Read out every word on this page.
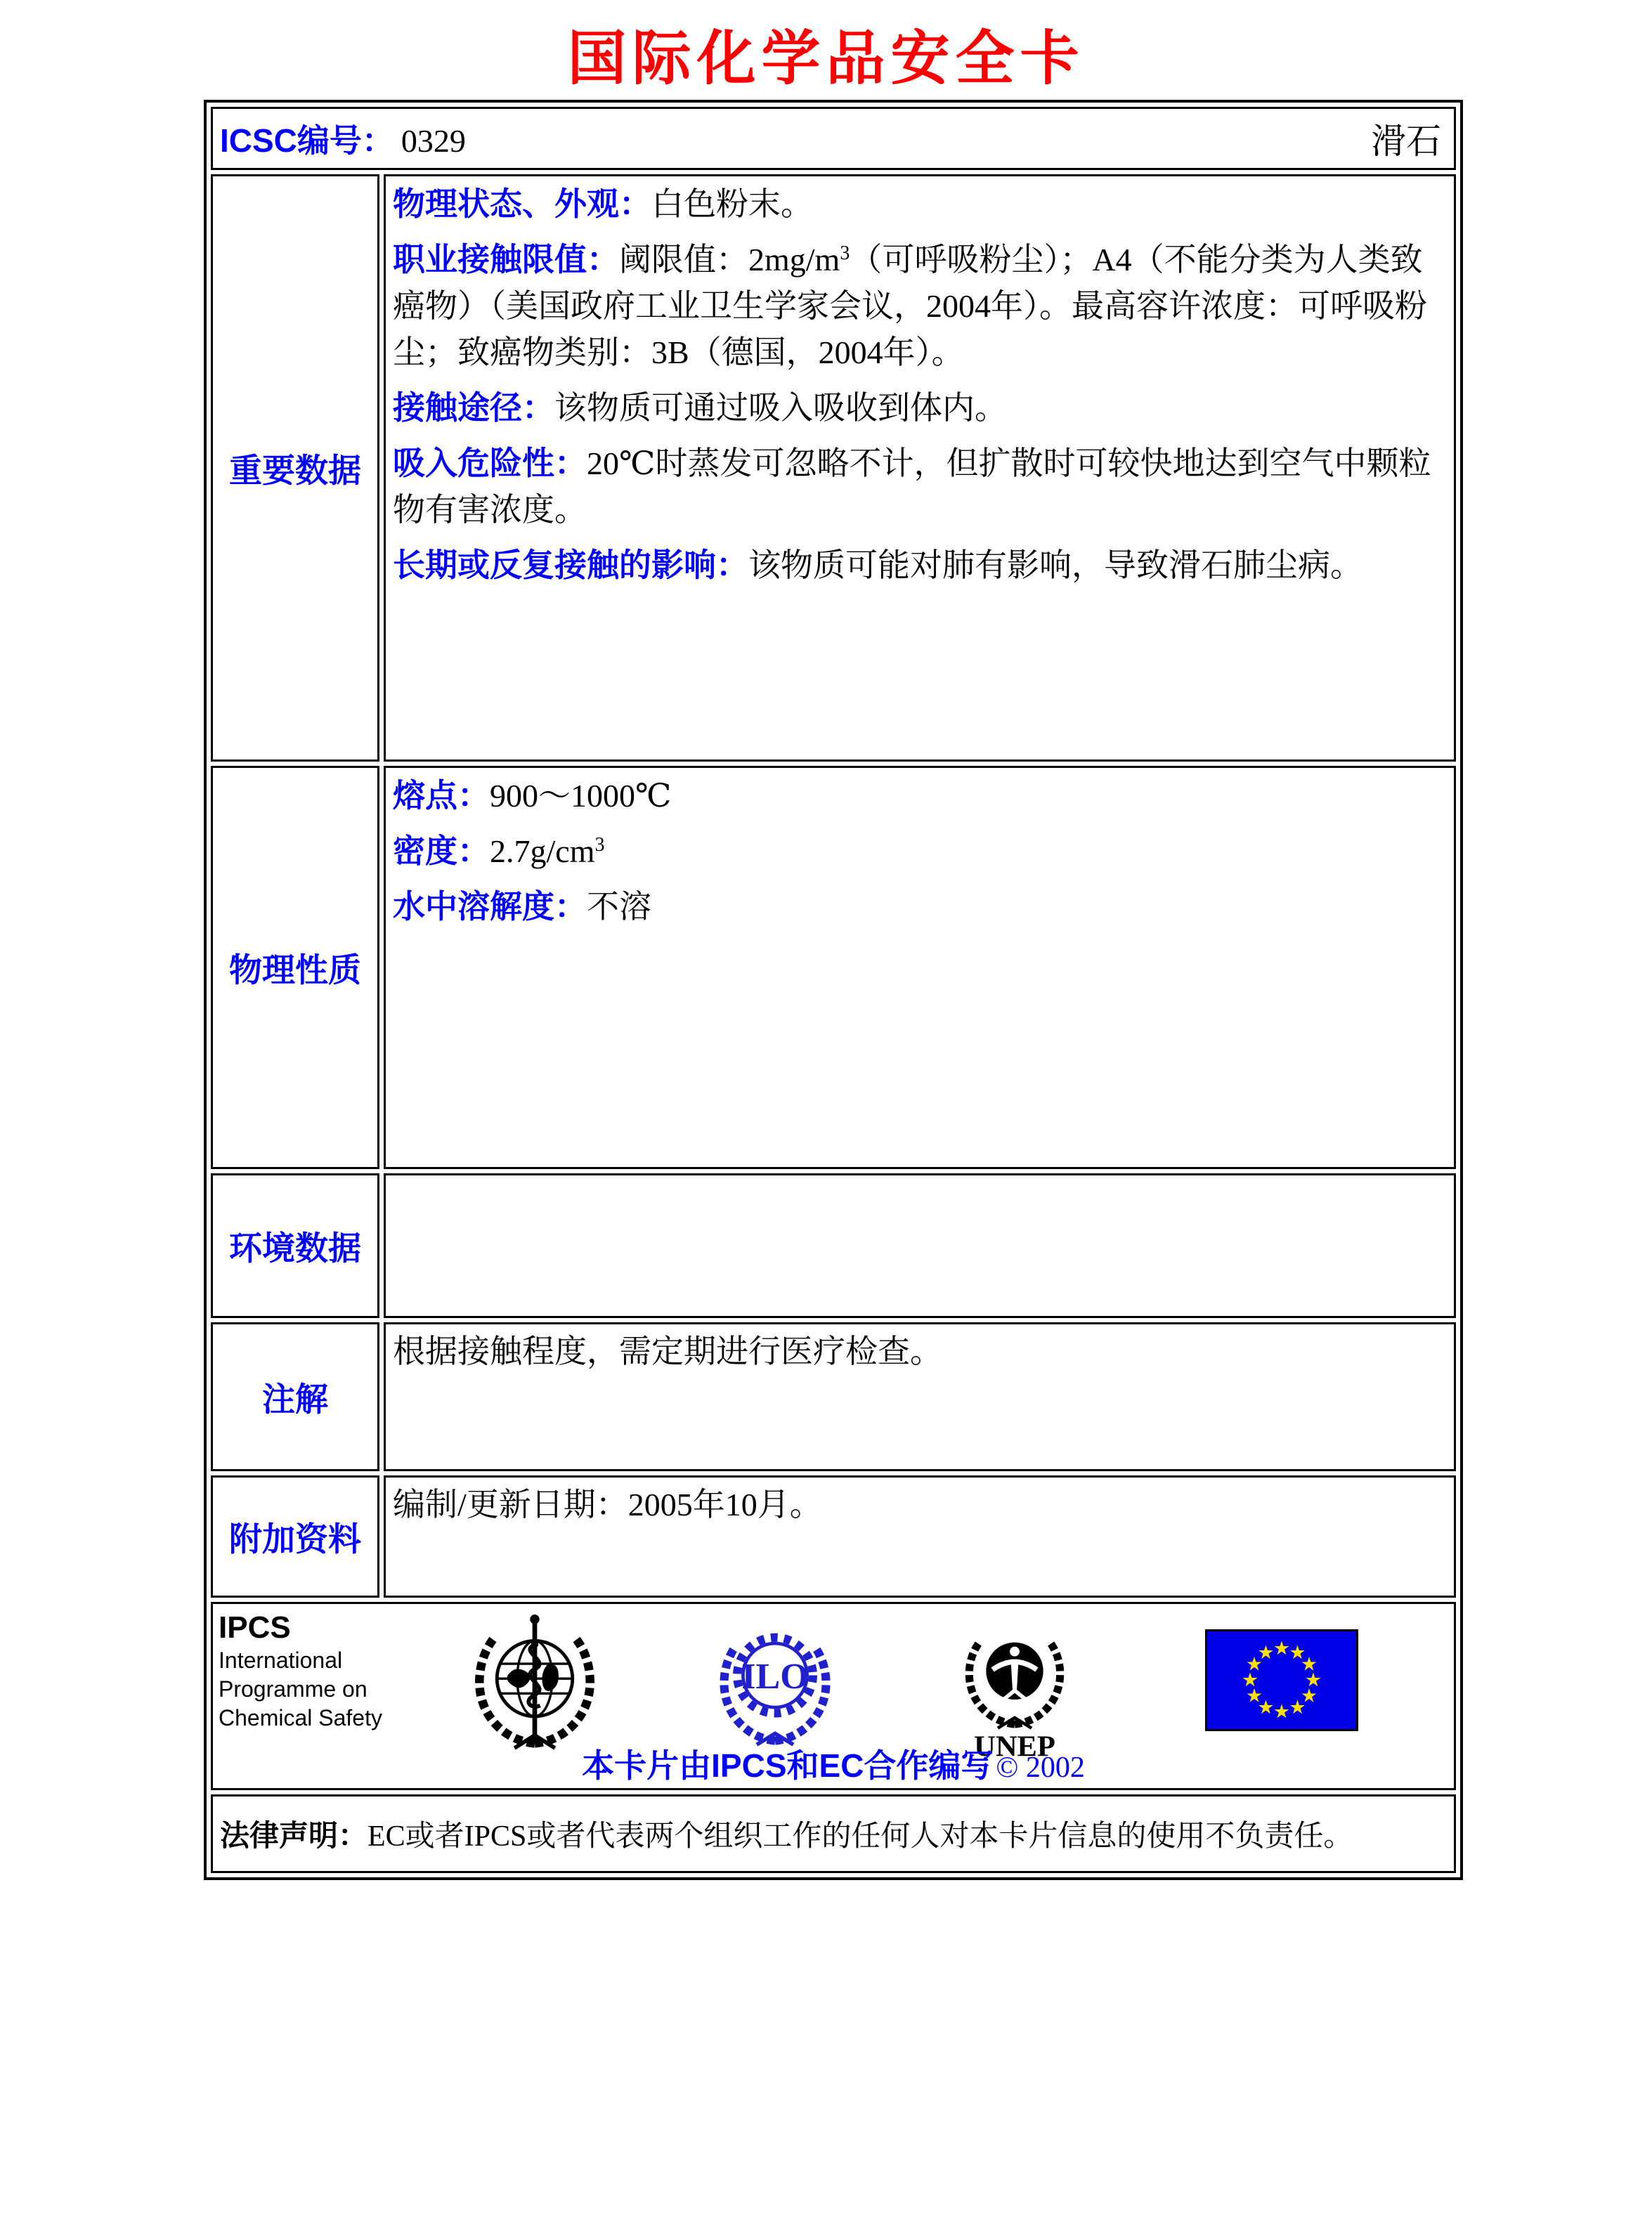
国际化学品安全卡
ICSC编号： 0329 滑石	

重要数据	物理状态、外观：白色粉末。

职业接触限值：阈限值：$2mg/m^3$（可呼吸粉尘）；A4（不能分类为人类致癌物）（美国政府工业卫生学家会议，2004年）。最高容许浓度：可呼吸粉尘；致癌物类别：3B（德国，2004年）。

接触途径：该物质可通过吸入吸收到体内。

吸入危险性：20℃时蒸发可忽略不计，但扩散时可较快地达到空气中颗粒物有害浓度。

长期或反复接触的影响：该物质可能对肺有影响，导致滑石肺尘病。

物理性质	熔点：900～1000℃

密度：$2.7g/cm^3$

水中溶解度：不溶

环境数据	
注解	根据接触程度，需定期进行医疗检查。
附加资料	编制/更新日期：2005年10月。

IPCS
International
Programme on
Chemical Safety
ILO
UNEP
★
★
★
★
★
★
★
★
★
★
★
★
本卡片由IPCS和EC合作编写 © 2002

法律声明：EC或者IPCS或者代表两个组织工作的任何人对本卡片信息的使用不负责任。	
